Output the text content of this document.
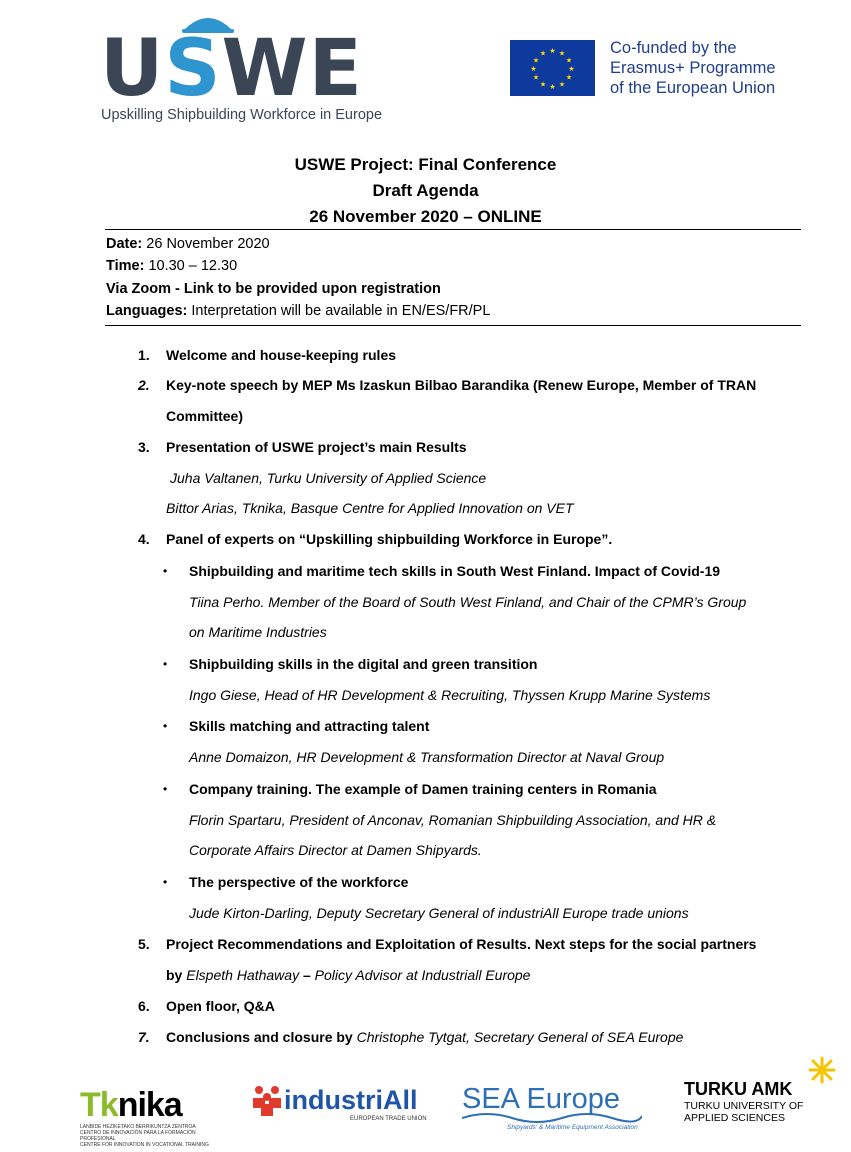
USWE
Upskilling Shipbuilding Workforce in Europe
★ ★
★
★
★
★
★
★
★
★
★
★	Co-funded by the
Erasmus+ Programme
of the European Union
USWE Project: Final Conference
Draft Agenda
26 November 2020 – ONLINE
Date: 26 November 2020
Time: 10.30 – 12.30
Via Zoom - Link to be provided upon registration
Languages: Interpretation will be available in EN/ES/FR/PL
1. Welcome and house-keeping rules
2. Key-note speech by MEP Ms Izaskun Bilbao Barandika (Renew Europe, Member of TRAN
Committee)
3. Presentation of USWE project’s main Results
Juha Valtanen, Turku University of Applied Science
Bittor Arias, Tknika, Basque Centre for Applied Innovation on VET
4. Panel of experts on “Upskilling shipbuilding Workforce in Europe”.
• Shipbuilding and maritime tech skills in South West Finland. Impact of Covid-19
Tiina Perho. Member of the Board of South West Finland, and Chair of the CPMR’s Group
on Maritime Industries
• Shipbuilding skills in the digital and green transition
Ingo Giese, Head of HR Development & Recruiting, Thyssen Krupp Marine Systems
• Skills matching and attracting talent
Anne Domaizon, HR Development & Transformation Director at Naval Group
• Company training. The example of Damen training centers in Romania
Florin Spartaru, President of Anconav, Romanian Shipbuilding Association, and HR &
Corporate Affairs Director at Damen Shipyards.
• The perspective of the workforce
Jude Kirton-Darling, Deputy Secretary General of industriAll Europe trade unions
5. Project Recommendations and Exploitation of Results. Next steps for the social partners
by Elspeth Hathaway – Policy Advisor at Industriall Europe
6. Open floor, Q&A
7. Conclusions and closure by Christophe Tytgat, Secretary General of SEA Europe
Tknika
LANBIDE HEZIKETAKO BERRIKUNTZA ZENTROA
CENTRO DE INNOVACIÓN PARA LA FORMACIÓN PROFESIONAL
CENTRE FOR INNOVATION IN VOCATIONAL TRAINING
industriAll
EUROPEAN TRADE UNION
SEA Europe
Shipyards' & Maritime Equipment Association
TURKU AMK
TURKU UNIVERSITY OF
APPLIED SCIENCES
